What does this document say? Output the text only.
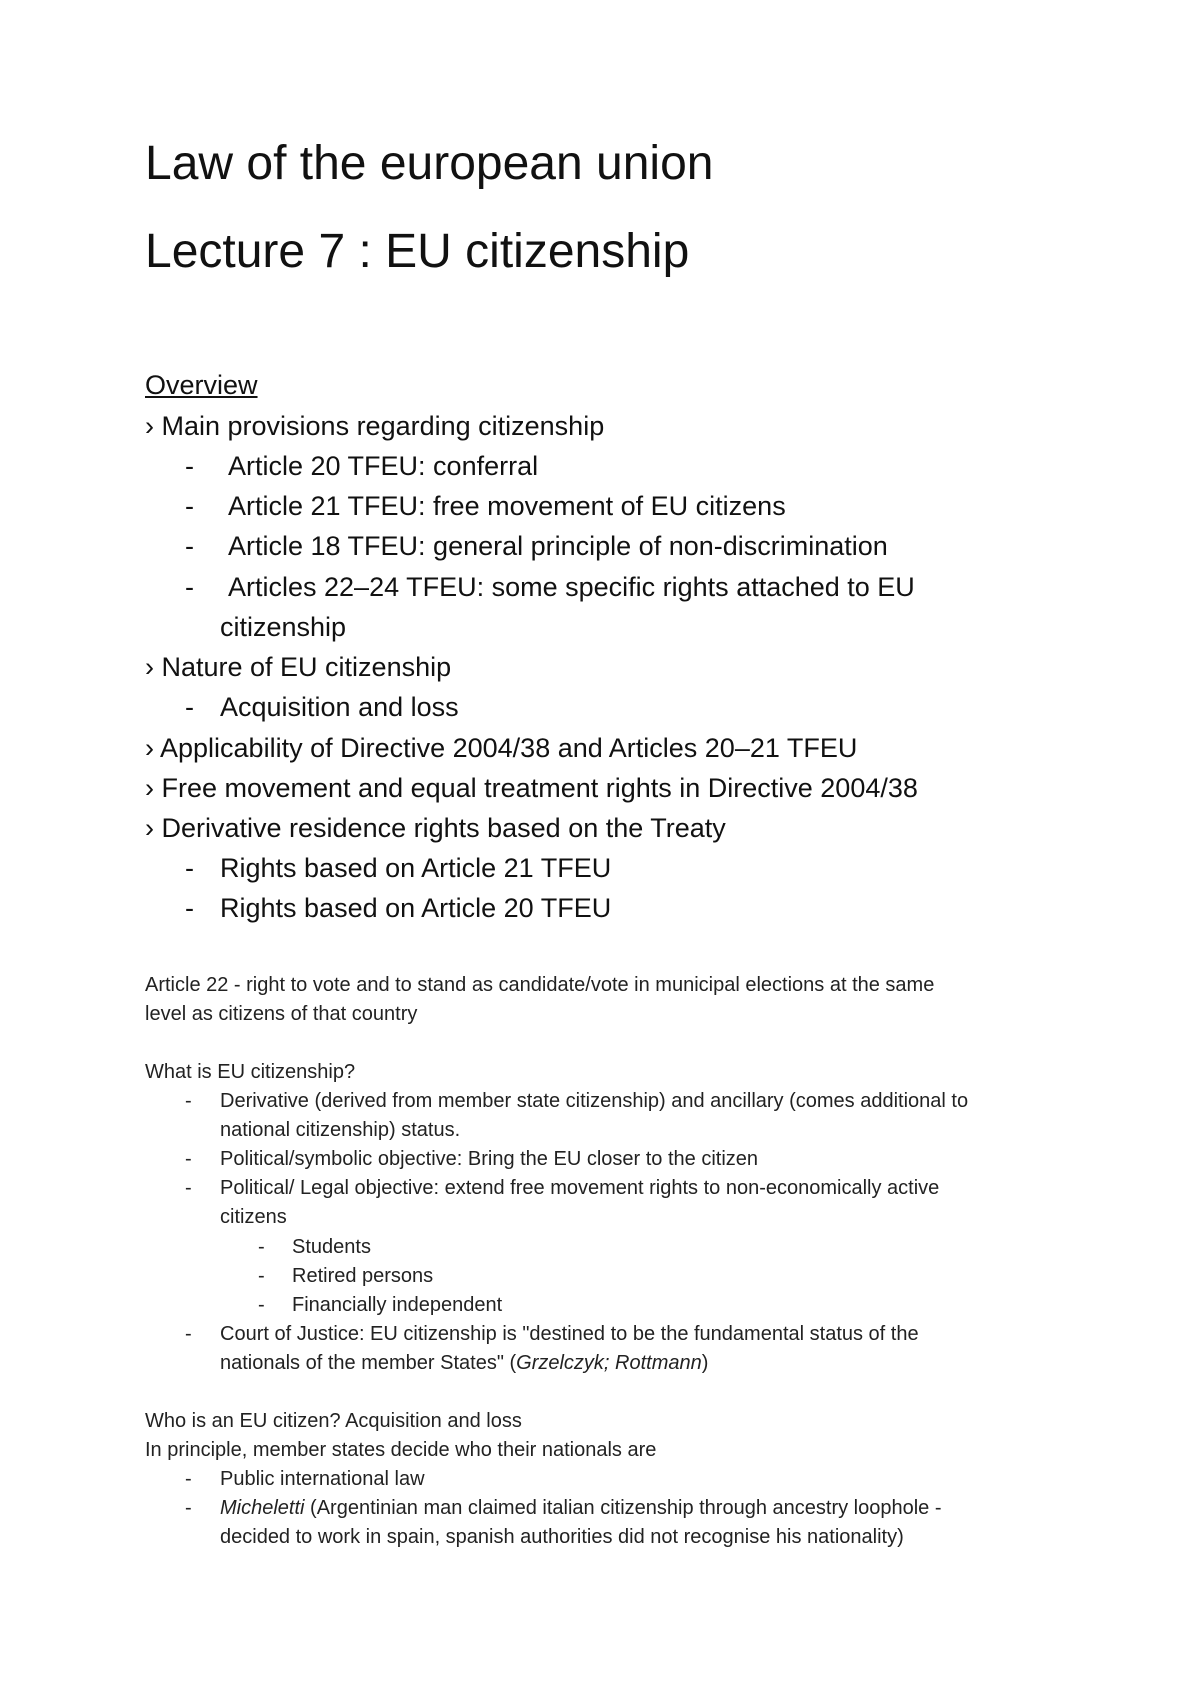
Law of the european union
Lecture 7 : EU citizenship

Overview

› Main provisions regarding citizenship

- Article 20 TFEU: conferral

- Article 21 TFEU: free movement of EU citizens

- Article 18 TFEU: general principle of non-discrimination

- Articles 22–24 TFEU: some specific rights attached to EU

citizenship

› Nature of EU citizenship

- Acquisition and loss

› Applicability of Directive 2004/38 and Articles 20–21 TFEU

› Free movement and equal treatment rights in Directive 2004/38

› Derivative residence rights based on the Treaty

- Rights based on Article 21 TFEU

- Rights based on Article 20 TFEU

Article 22 - right to vote and to stand as candidate/vote in municipal elections at the same

level as citizens of that country

What is EU citizenship?

- Derivative (derived from member state citizenship) and ancillary (comes additional to

national citizenship) status.

- Political/symbolic objective: Bring the EU closer to the citizen

- Political/ Legal objective: extend free movement rights to non-economically active

citizens

- Students

- Retired persons

- Financially independent

- Court of Justice: EU citizenship is "destined to be the fundamental status of the

nationals of the member States" (Grzelczyk; Rottmann)

Who is an EU citizen? Acquisition and loss

In principle, member states decide who their nationals are

- Public international law

- Micheletti (Argentinian man claimed italian citizenship through ancestry loophole -

decided to work in spain, spanish authorities did not recognise his nationality)
